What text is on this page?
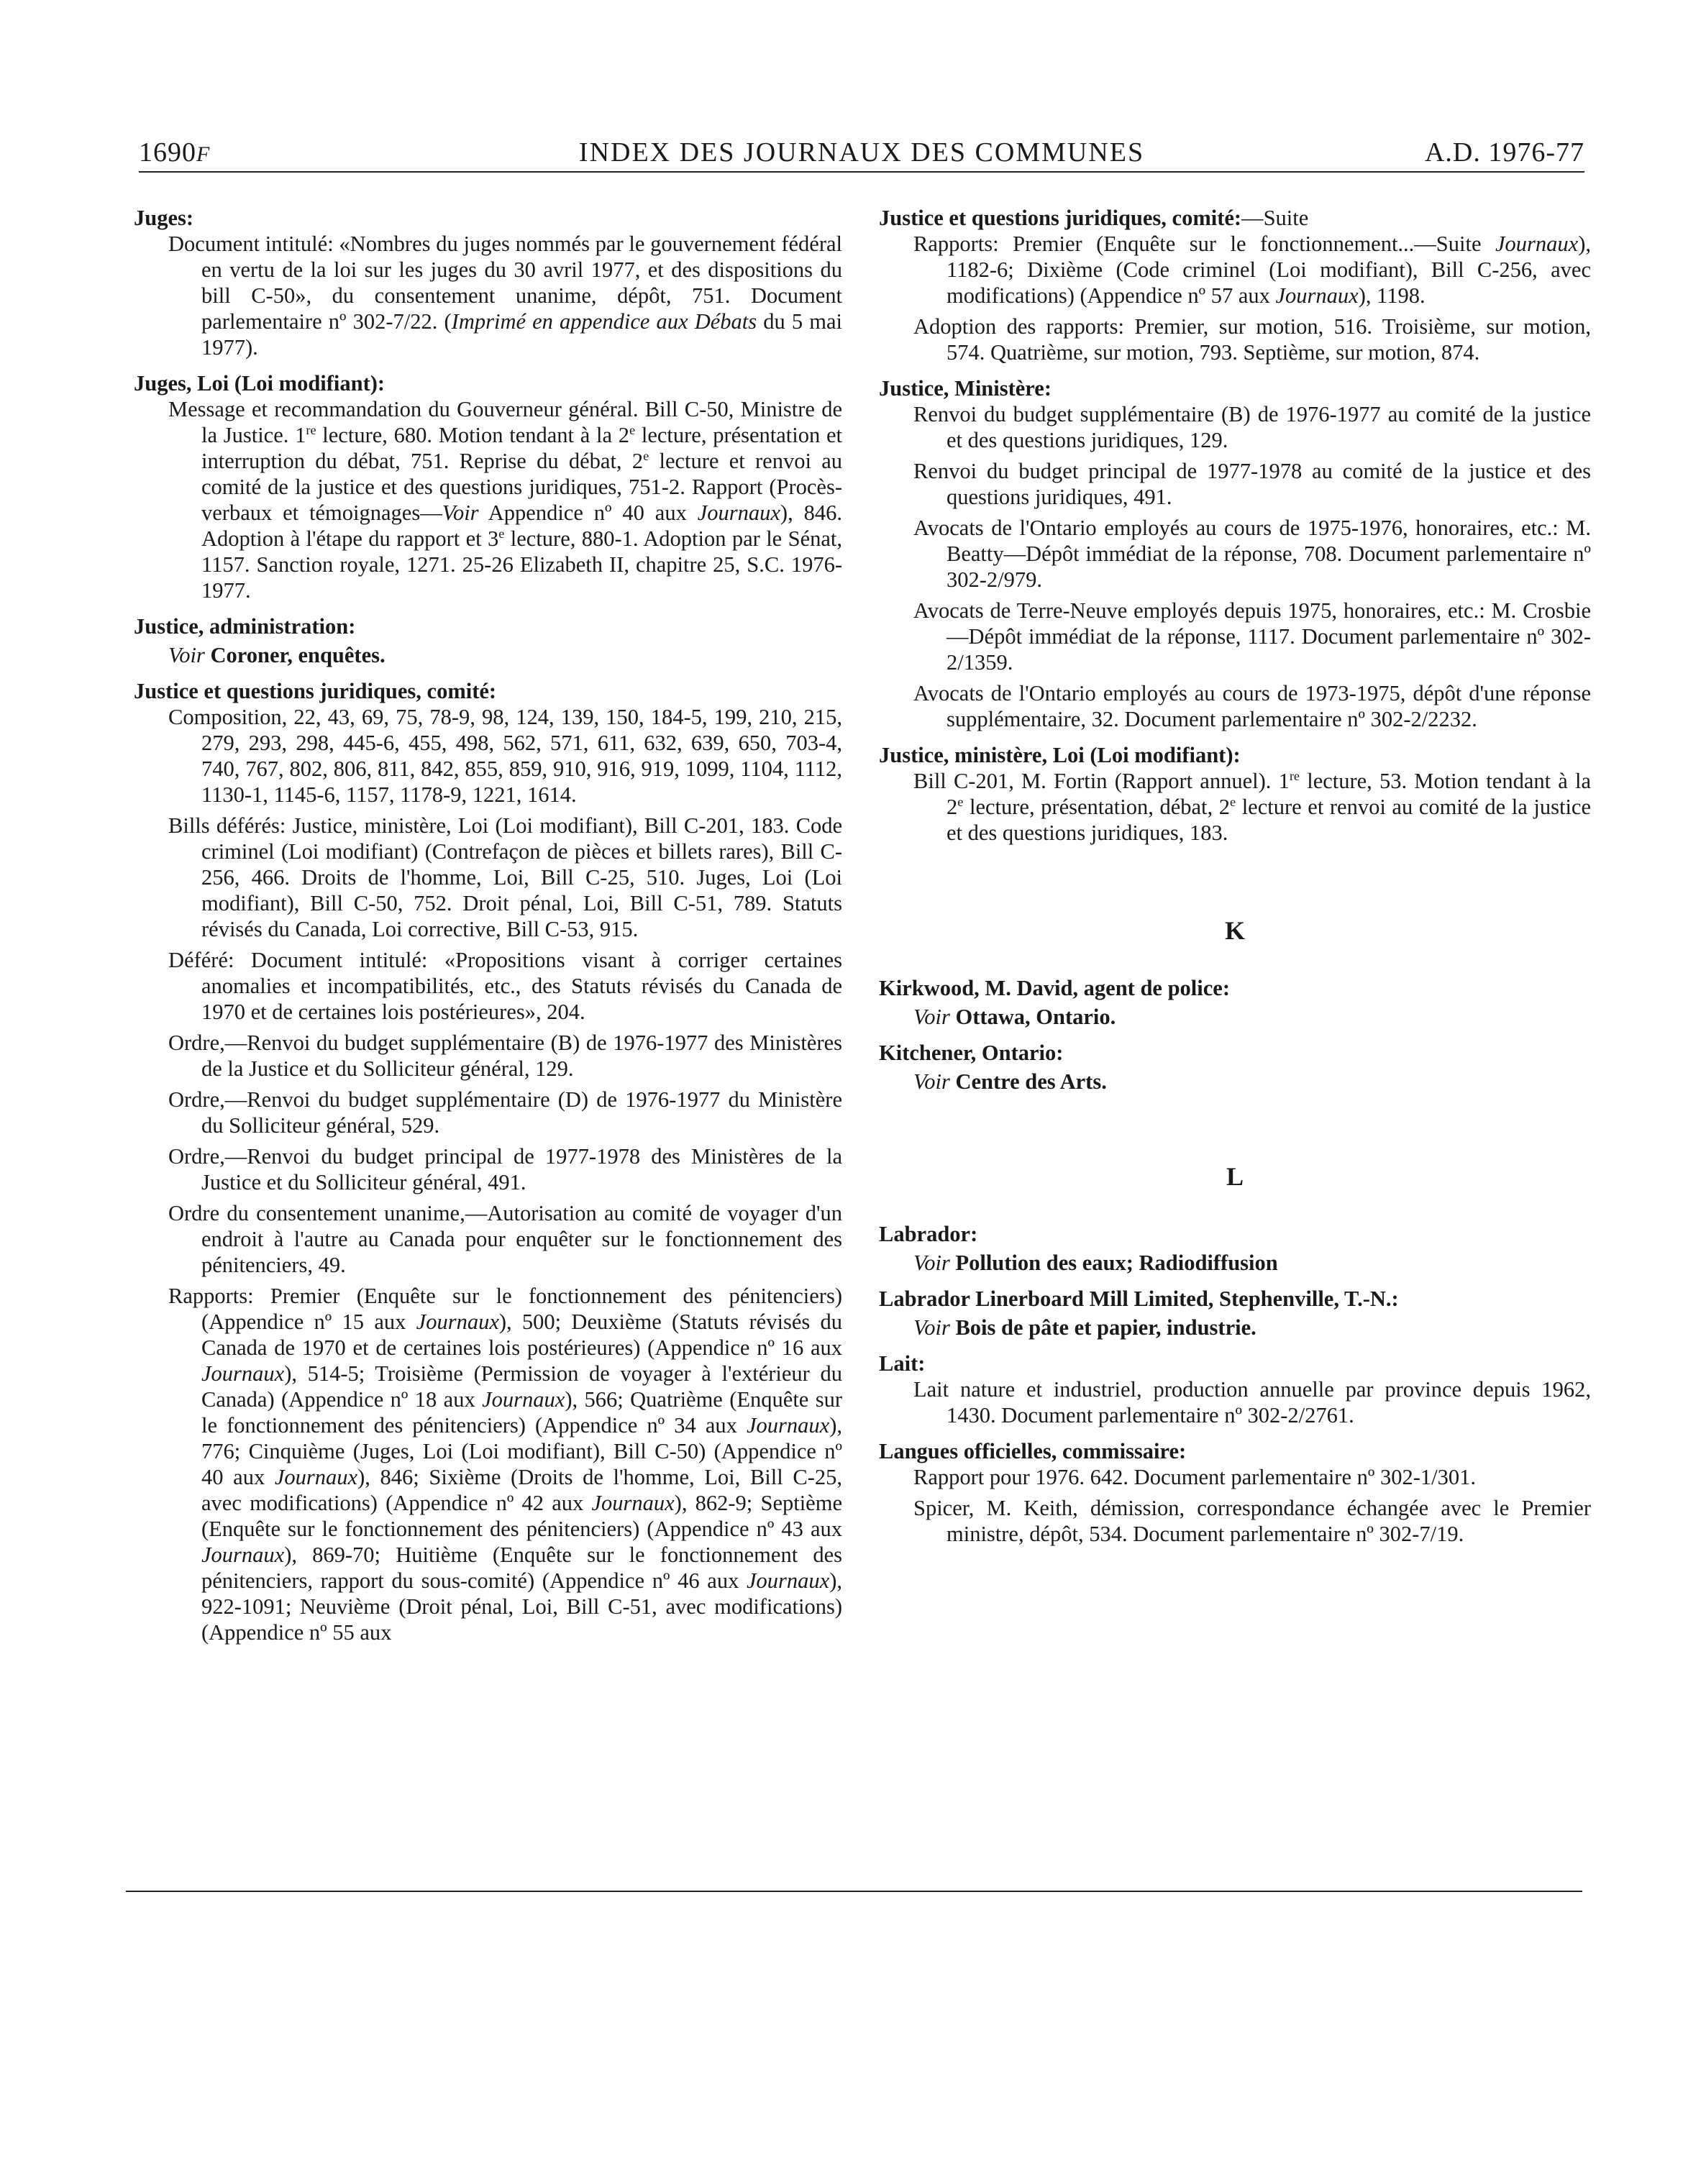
1690F	INDEX DES JOURNAUX DES COMMUNES	A.D. 1976-77
Juges:
Document intitulé: «Nombres du juges nommés par le gouvernement fédéral en vertu de la loi sur les juges du 30 avril 1977, et des dispositions du bill C-50», du consentement unanime, dépôt, 751. Document parlementaire nº 302-7/22. (Imprimé en appendice aux Débats du 5 mai 1977).
Juges, Loi (Loi modifiant):
Message et recommandation du Gouverneur général. Bill C-50, Ministre de la Justice. 1re lecture, 680. Motion tendant à la 2e lecture, présentation et interruption du débat, 751. Reprise du débat, 2e lecture et renvoi au comité de la justice et des questions juridiques, 751-2. Rapport (Procès-verbaux et témoignages—Voir Appendice nº 40 aux Journaux), 846. Adoption à l'étape du rapport et 3e lecture, 880-1. Adoption par le Sénat, 1157. Sanction royale, 1271. 25-26 Elizabeth II, chapitre 25, S.C. 1976-1977.
Justice, administration:
Voir Coroner, enquêtes.
Justice et questions juridiques, comité:
Composition, 22, 43, 69, 75, 78-9, 98, 124, 139, 150, 184-5, 199, 210, 215, 279, 293, 298, 445-6, 455, 498, 562, 571, 611, 632, 639, 650, 703-4, 740, 767, 802, 806, 811, 842, 855, 859, 910, 916, 919, 1099, 1104, 1112, 1130-1, 1145-6, 1157, 1178-9, 1221, 1614.
Bills déférés: Justice, ministère, Loi (Loi modifiant), Bill C-201, 183. Code criminel (Loi modifiant) (Contrefaçon de pièces et billets rares), Bill C-256, 466. Droits de l'homme, Loi, Bill C-25, 510. Juges, Loi (Loi modifiant), Bill C-50, 752. Droit pénal, Loi, Bill C-51, 789. Statuts révisés du Canada, Loi corrective, Bill C-53, 915.
Déféré: Document intitulé: «Propositions visant à corriger certaines anomalies et incompatibilités, etc., des Statuts révisés du Canada de 1970 et de certaines lois postérieures», 204.
Ordre,—Renvoi du budget supplémentaire (B) de 1976-1977 des Ministères de la Justice et du Solliciteur général, 129.
Ordre,—Renvoi du budget supplémentaire (D) de 1976-1977 du Ministère du Solliciteur général, 529.
Ordre,—Renvoi du budget principal de 1977-1978 des Ministères de la Justice et du Solliciteur général, 491.
Ordre du consentement unanime,—Autorisation au comité de voyager d'un endroit à l'autre au Canada pour enquêter sur le fonctionnement des pénitenciers, 49.
Rapports: Premier (Enquête sur le fonctionnement des pénitenciers) (Appendice nº 15 aux Journaux), 500; Deuxième (Statuts révisés du Canada de 1970 et de certaines lois postérieures) (Appendice nº 16 aux Journaux), 514-5; Troisième (Permission de voyager à l'extérieur du Canada) (Appendice nº 18 aux Journaux), 566; Quatrième (Enquête sur le fonctionnement des pénitenciers) (Appendice nº 34 aux Journaux), 776; Cinquième (Juges, Loi (Loi modifiant), Bill C-50) (Appendice nº 40 aux Journaux), 846; Sixième (Droits de l'homme, Loi, Bill C-25, avec modifications) (Appendice nº 42 aux Journaux), 862-9; Septième (Enquête sur le fonctionnement des pénitenciers) (Appendice nº 43 aux Journaux), 869-70; Huitième (Enquête sur le fonctionnement des pénitenciers, rapport du sous-comité) (Appendice nº 46 aux Journaux), 922-1091; Neuvième (Droit pénal, Loi, Bill C-51, avec modifications) (Appendice nº 55 aux
Justice et questions juridiques, comité:—Suite
Rapports: Premier (Enquête sur le fonctionnement...—Suite Journaux), 1182-6; Dixième (Code criminel (Loi modifiant), Bill C-256, avec modifications) (Appendice nº 57 aux Journaux), 1198.
Adoption des rapports: Premier, sur motion, 516. Troisième, sur motion, 574. Quatrième, sur motion, 793. Septième, sur motion, 874.
Justice, Ministère:
Renvoi du budget supplémentaire (B) de 1976-1977 au comité de la justice et des questions juridiques, 129.
Renvoi du budget principal de 1977-1978 au comité de la justice et des questions juridiques, 491.
Avocats de l'Ontario employés au cours de 1975-1976, honoraires, etc.: M. Beatty—Dépôt immédiat de la réponse, 708. Document parlementaire nº 302-2/979.
Avocats de Terre-Neuve employés depuis 1975, honoraires, etc.: M. Crosbie—Dépôt immédiat de la réponse, 1117. Document parlementaire nº 302-2/1359.
Avocats de l'Ontario employés au cours de 1973-1975, dépôt d'une réponse supplémentaire, 32. Document parlementaire nº 302-2/2232.
Justice, ministère, Loi (Loi modifiant):
Bill C-201, M. Fortin (Rapport annuel). 1re lecture, 53. Motion tendant à la 2e lecture, présentation, débat, 2e lecture et renvoi au comité de la justice et des questions juridiques, 183.
K
Kirkwood, M. David, agent de police:
Voir Ottawa, Ontario.
Kitchener, Ontario:
Voir Centre des Arts.
L
Labrador:
Voir Pollution des eaux; Radiodiffusion
Labrador Linerboard Mill Limited, Stephenville, T.-N.:
Voir Bois de pâte et papier, industrie.
Lait:
Lait nature et industriel, production annuelle par province depuis 1962, 1430. Document parlementaire nº 302-2/2761.
Langues officielles, commissaire:
Rapport pour 1976. 642. Document parlementaire nº 302-1/301.
Spicer, M. Keith, démission, correspondance échangée avec le Premier ministre, dépôt, 534. Document parlementaire nº 302-7/19.
